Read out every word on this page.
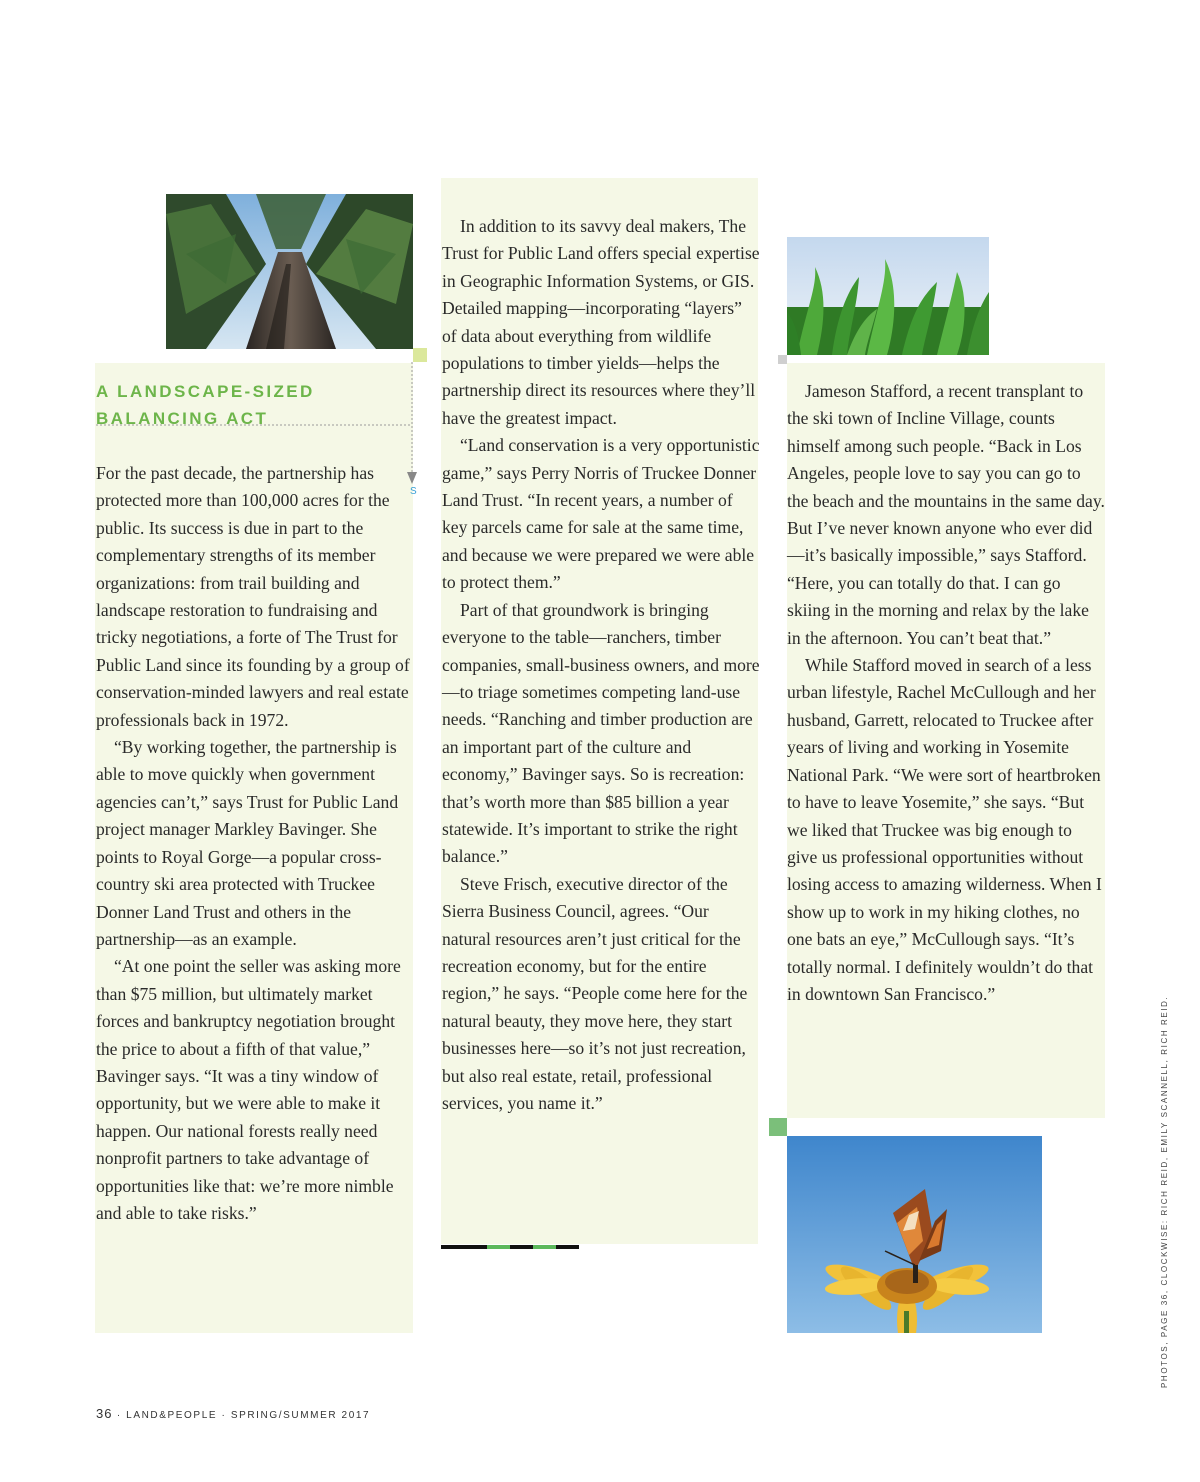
A LANDSCAPE-SIZED
BALANCING ACT
S

For the past decade, the partnership has protected more than 100,000 acres for the public. Its success is due in part to the complementary strengths of its member organizations: from trail building and landscape restoration to fundraising and tricky negotiations, a forte of The Trust for Public Land since its founding by a group of conservation-minded lawyers and real estate professionals back in 1972.

“By working together, the partnership is able to move quickly when government agencies can’t,” says Trust for Public Land project manager Markley Bavinger. She points to Royal Gorge—a popular cross-country ski area protected with Truckee Donner Land Trust and others in the partnership—as an example.

“At one point the seller was asking more than $75 million, but ultimately market forces and bankruptcy negotiation brought the price to about a fifth of that value,” Bavinger says. “It was a tiny window of opportunity, but we were able to make it happen. Our national forests really need nonprofit partners to take advantage of opportunities like that: we’re more nimble and able to take risks.”

In addition to its savvy deal makers, The Trust for Public Land offers special expertise in Geographic Information Systems, or GIS. Detailed mapping—incorporating “layers” of data about everything from wildlife populations to timber yields—helps the partnership direct its resources where they’ll have the greatest impact.

“Land conservation is a very opportunistic game,” says Perry Norris of Truckee Donner Land Trust. “In recent years, a number of key parcels came for sale at the same time, and because we were prepared we were able to protect them.”

Part of that groundwork is bringing everyone to the table—ranchers, timber companies, small-business owners, and more—to triage sometimes competing land-use needs. “Ranching and timber production are an important part of the culture and economy,” Bavinger says. So is recreation: that’s worth more than $85 billion a year statewide. It’s important to strike the right balance.”

Steve Frisch, executive director of the Sierra Business Council, agrees. “Our natural resources aren’t just critical for the recreation economy, but for the entire region,” he says. “People come here for the natural beauty, they move here, they start businesses here—so it’s not just recreation, but also real estate, retail, professional services, you name it.”

Jameson Stafford, a recent transplant to the ski town of Incline Village, counts himself among such people. “Back in Los Angeles, people love to say you can go to the beach and the mountains in the same day. But I’ve never known anyone who ever did—it’s basically impossible,” says Stafford. “Here, you can totally do that. I can go skiing in the morning and relax by the lake in the afternoon. You can’t beat that.”

While Stafford moved in search of a less urban lifestyle, Rachel McCullough and her husband, Garrett, relocated to Truckee after years of living and working in Yosemite National Park. “We were sort of heartbroken to have to leave Yosemite,” she says. “But we liked that Truckee was big enough to give us professional opportunities without losing access to amazing wilderness. When I show up to work in my hiking clothes, no one bats an eye,” McCullough says. “It’s totally normal. I definitely wouldn’t do that in downtown San Francisco.”

36 · LAND&PEOPLE · SPRING/SUMMER 2017
PHOTOS, PAGE 36, CLOCKWISE: RICH REID, EMILY SCANNELL, RICH REID.
